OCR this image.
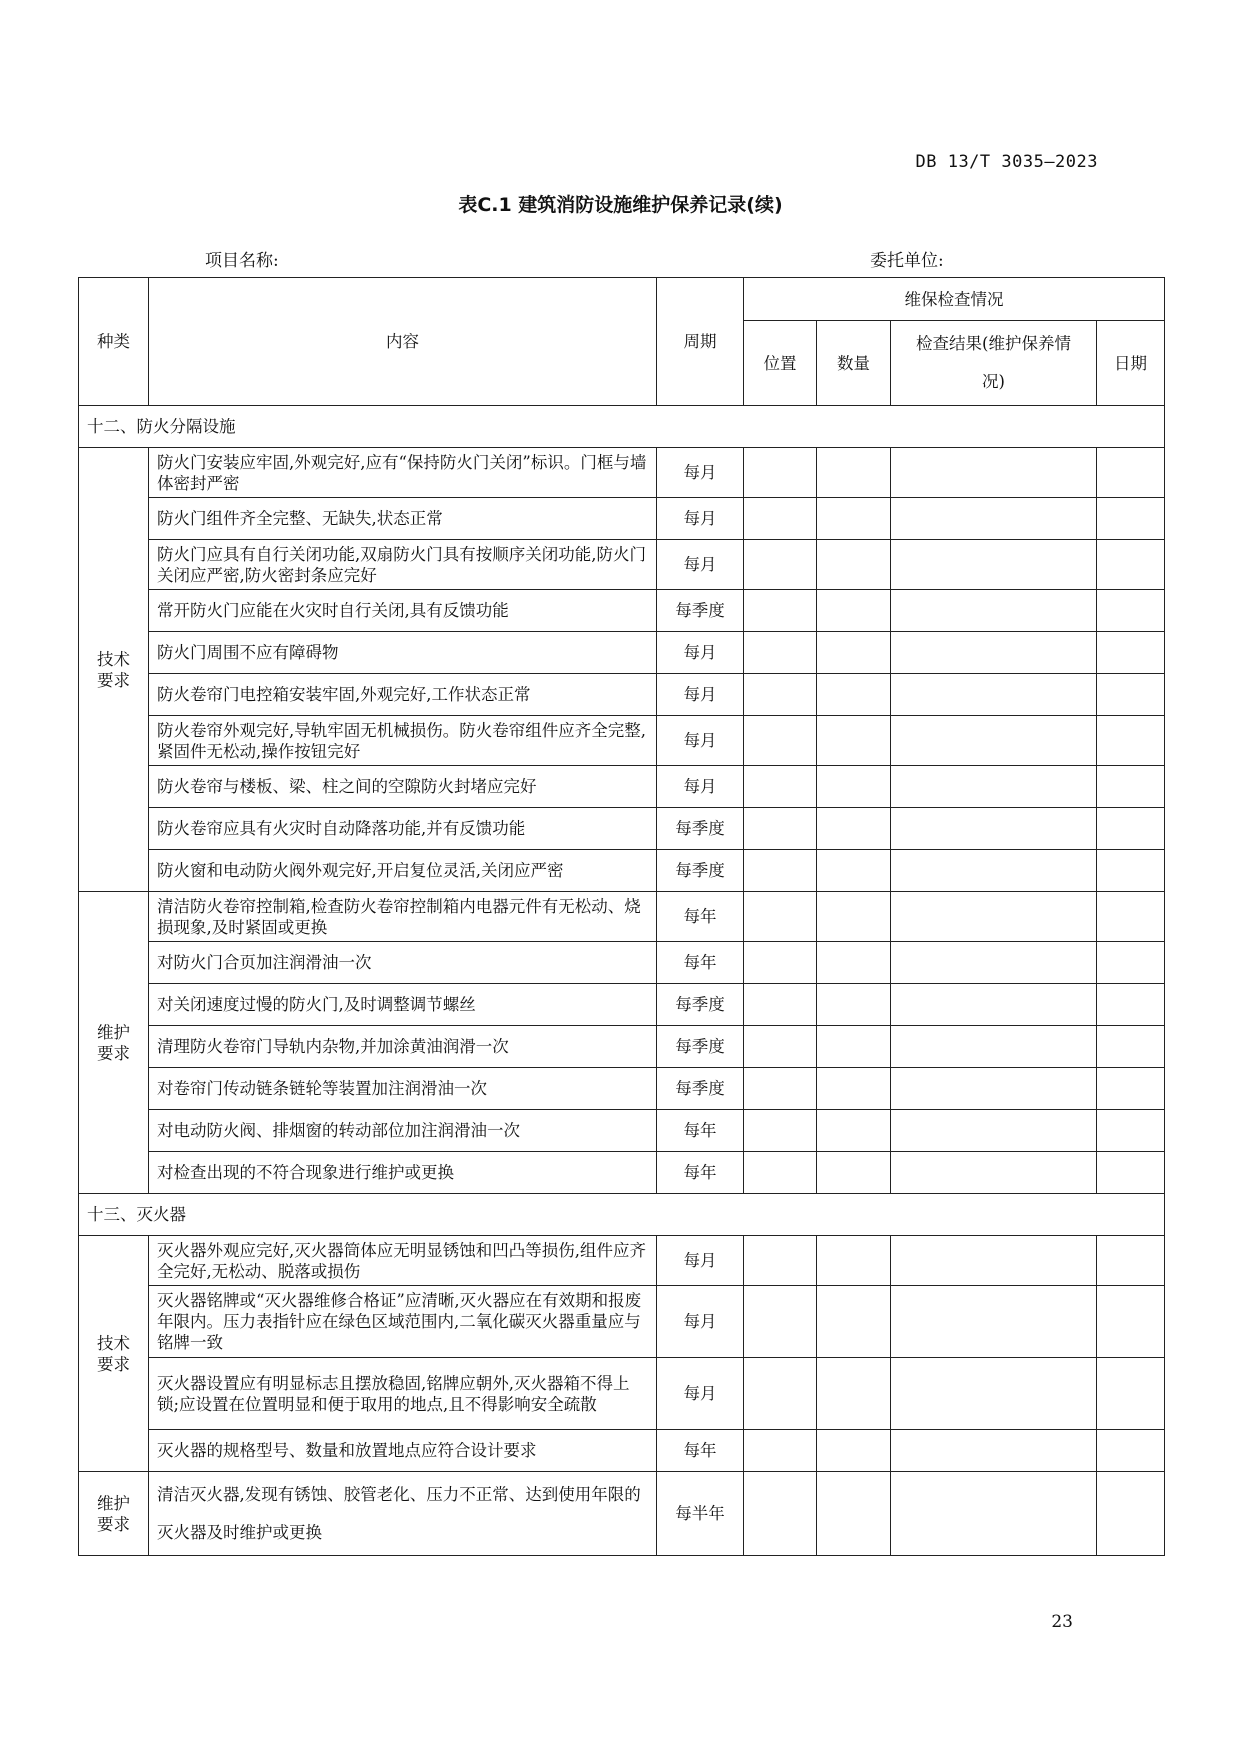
DB 13/T 3035—2023
表C.1 建筑消防设施维护保养记录(续)
项目名称:	委托单位:
种类	内容	周期	维保检查情况			
			位置	数量	检查结果(维护保养情况)	日期
十二、防火分隔设施						

技术要求	防火门安装应牢固,外观完好,应有“保持防火门关闭”标识。门框与墙体密封严密	每月				
	防火门组件齐全完整、无缺失,状态正常	每月				
	防火门应具有自行关闭功能,双扇防火门具有按顺序关闭功能,防火门关闭应严密,防火密封条应完好	每月				
	常开防火门应能在火灾时自行关闭,具有反馈功能	每季度				
	防火门周围不应有障碍物	每月				
	防火卷帘门电控箱安装牢固,外观完好,工作状态正常	每月				
	防火卷帘外观完好,导轨牢固无机械损伤。防火卷帘组件应齐全完整,紧固件无松动,操作按钮完好	每月				
	防火卷帘与楼板、梁、柱之间的空隙防火封堵应完好	每月				
	防火卷帘应具有火灾时自动降落功能,并有反馈功能	每季度				
	防火窗和电动防火阀外观完好,开启复位灵活,关闭应严密	每季度				

维护要求	清洁防火卷帘控制箱,检查防火卷帘控制箱内电器元件有无松动、烧损现象,及时紧固或更换	每年				
	对防火门合页加注润滑油一次	每年				
	对关闭速度过慢的防火门,及时调整调节螺丝	每季度				
	清理防火卷帘门导轨内杂物,并加涂黄油润滑一次	每季度				
	对卷帘门传动链条链轮等装置加注润滑油一次	每季度				
	对电动防火阀、排烟窗的转动部位加注润滑油一次	每年				
	对检查出现的不符合现象进行维护或更换	每年				
十三、灭火器						

技术要求	灭火器外观应完好,灭火器筒体应无明显锈蚀和凹凸等损伤,组件应齐全完好,无松动、脱落或损伤	每月				
	灭火器铭牌或“灭火器维修合格证”应清晰,灭火器应在有效期和报废年限内。压力表指针应在绿色区域范围内,二氧化碳灭火器重量应与铭牌一致	每月				
	灭火器设置应有明显标志且摆放稳固,铭牌应朝外,灭火器箱不得上锁;应设置在位置明显和便于取用的地点,且不得影响安全疏散	每月				
	灭火器的规格型号、数量和放置地点应符合设计要求	每年				

维护要求	清洁灭火器,发现有锈蚀、胶管老化、压力不正常、达到使用年限的灭火器及时维护或更换	每半年				
23
